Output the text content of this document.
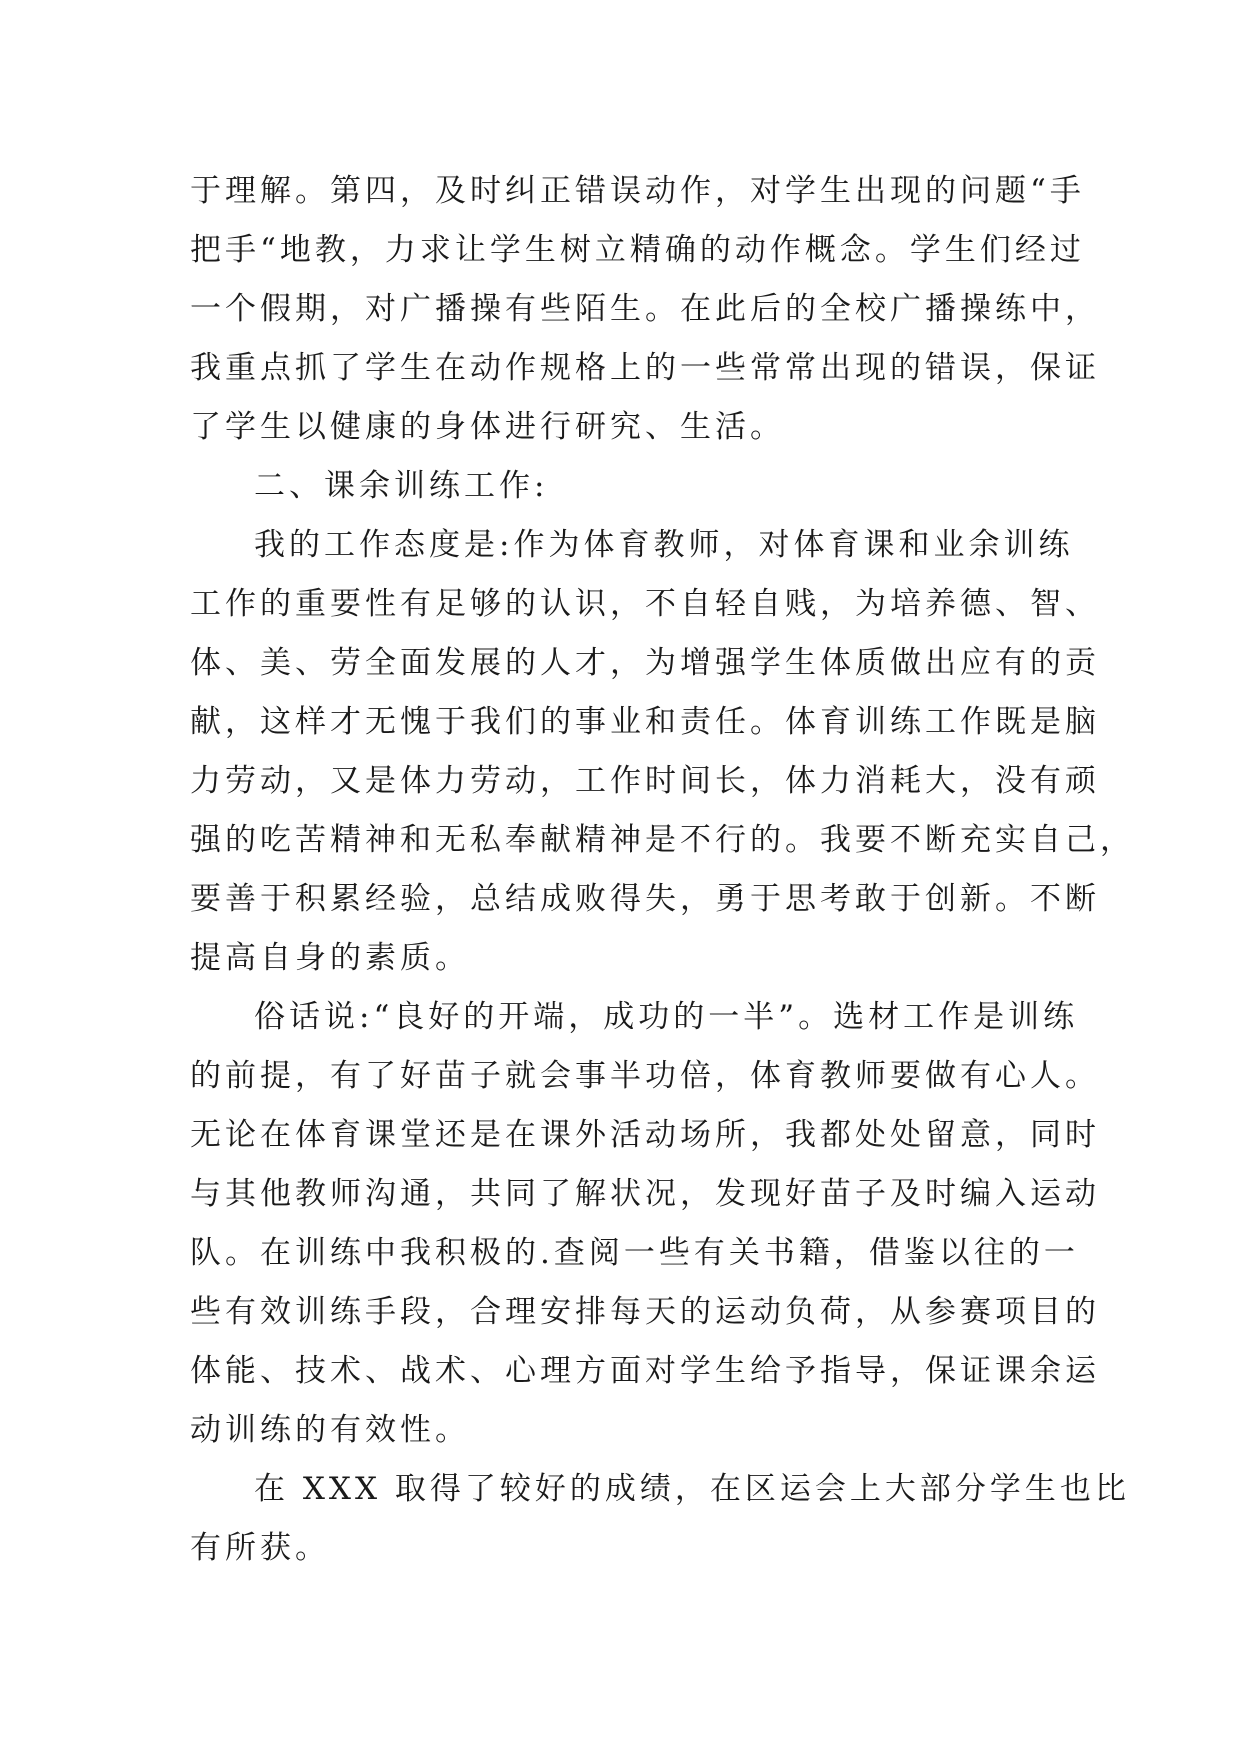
于理解。第四，及时纠正错误动作，对学生出现的问题“手
把手“地教，力求让学生树立精确的动作概念。学生们经过
一个假期，对广播操有些陌生。在此后的全校广播操练中，
我重点抓了学生在动作规格上的一些常常出现的错误，保证
了学生以健康的身体进行研究、生活。
二、课余训练工作:
我的工作态度是:作为体育教师，对体育课和业余训练
工作的重要性有足够的认识，不自轻自贱，为培养德、智、
体、美、劳全面发展的人才，为增强学生体质做出应有的贡
献，这样才无愧于我们的事业和责任。体育训练工作既是脑
力劳动，又是体力劳动，工作时间长，体力消耗大，没有顽
强的吃苦精神和无私奉献精神是不行的。我要不断充实自己，
要善于积累经验，总结成败得失，勇于思考敢于创新。不断
提高自身的素质。
俗话说:“良好的开端，成功的一半”。选材工作是训练
的前提，有了好苗子就会事半功倍，体育教师要做有心人。
无论在体育课堂还是在课外活动场所，我都处处留意，同时
与其他教师沟通，共同了解状况，发现好苗子及时编入运动
队。在训练中我积极的.查阅一些有关书籍，借鉴以往的一
些有效训练手段，合理安排每天的运动负荷，从参赛项目的
体能、技术、战术、心理方面对学生给予指导，保证课余运
动训练的有效性。
在 XXX 取得了较好的成绩，在区运会上大部分学生也比
有所获。
